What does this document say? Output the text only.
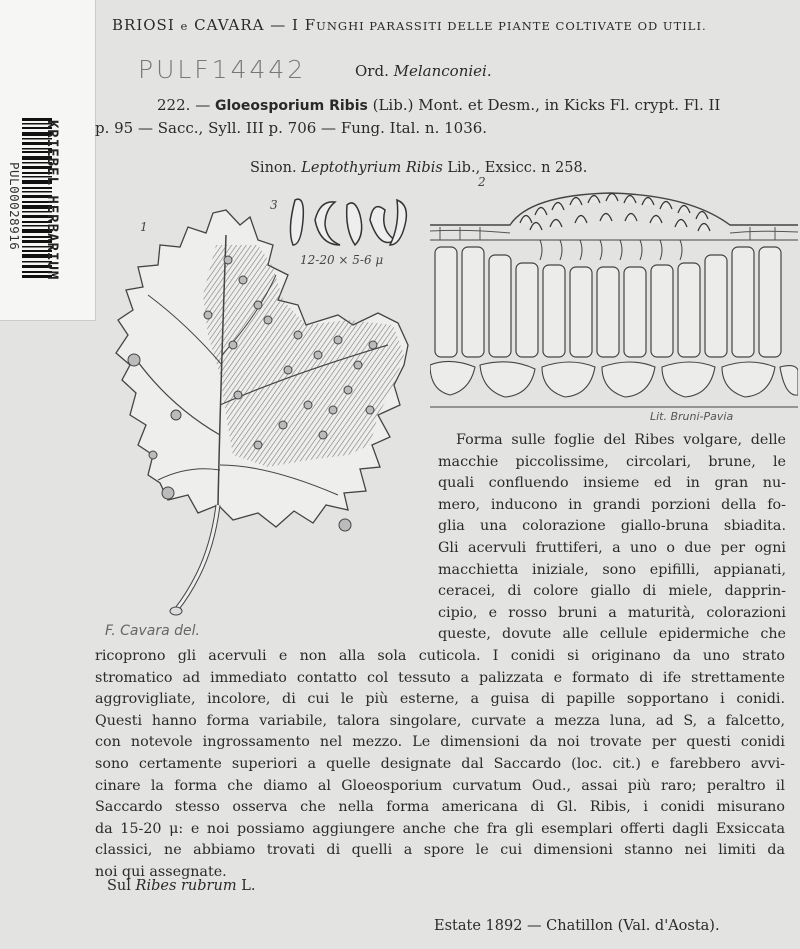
KRIEBEL HERBARIUM
PUL00028916
BRIOSI e CAVARA — I FUNGHI PARASSITI DELLE PIANTE COLTIVATE OD UTILI.
PULF14442	Ord. Melanconiei.
222. — Gloeosporium Ribis (Lib.) Mont. et Desm., in Kicks Fl. crypt. Fl. II
p. 95 — Sacc., Syll. III p. 706 — Fung. Ital. n. 1036.
Sinon. Leptothyrium Ribis Lib., Exsicc. n 258.
1
F. Cavara del.
3
12-20 × 5-6 μ
2
Lit. Bruni-Pavia
Forma sulle foglie del Ribes volgare, delle
macchie piccolissime, circolari, brune, le
quali confluendo insieme ed in gran nu-
mero, inducono in grandi porzioni della fo-
glia una colorazione giallo-bruna sbiadita.
Gli acervuli fruttiferi, a uno o due per ogni
macchietta iniziale, sono epifilli, appianati,
ceracei, di colore giallo di miele, dapprin-
cipio, e rosso bruni a maturità, colorazioni
queste, dovute alle cellule epidermiche che
ricoprono gli acervuli e non alla sola cuticola. I conidi si originano da uno strato
stromatico ad immediato contatto col tessuto a palizzata e formato di ife strettamente
aggrovigliate, incolore, di cui le più esterne, a guisa di papille sopportano i conidi.
Questi hanno forma variabile, talora singolare, curvate a mezza luna, ad S, a falcetto,
con notevole ingrossamento nel mezzo. Le dimensioni da noi trovate per questi conidi
sono certamente superiori a quelle designate dal Saccardo (loc. cit.) e farebbero avvi-
cinare la forma che diamo al Gloeosporium curvatum Oud., assai più raro; peraltro il
Saccardo stesso osserva che nella forma americana di Gl. Ribis, i conidi misurano
da 15-20 μ: e noi possiamo aggiungere anche che fra gli esemplari offerti dagli Exsiccata
classici, ne abbiamo trovati di quelli a spore le cui dimensioni stanno nei limiti da
noi qui assegnate.
Sul Ribes rubrum L.
Estate 1892 — Chatillon (Val. d'Aosta).
